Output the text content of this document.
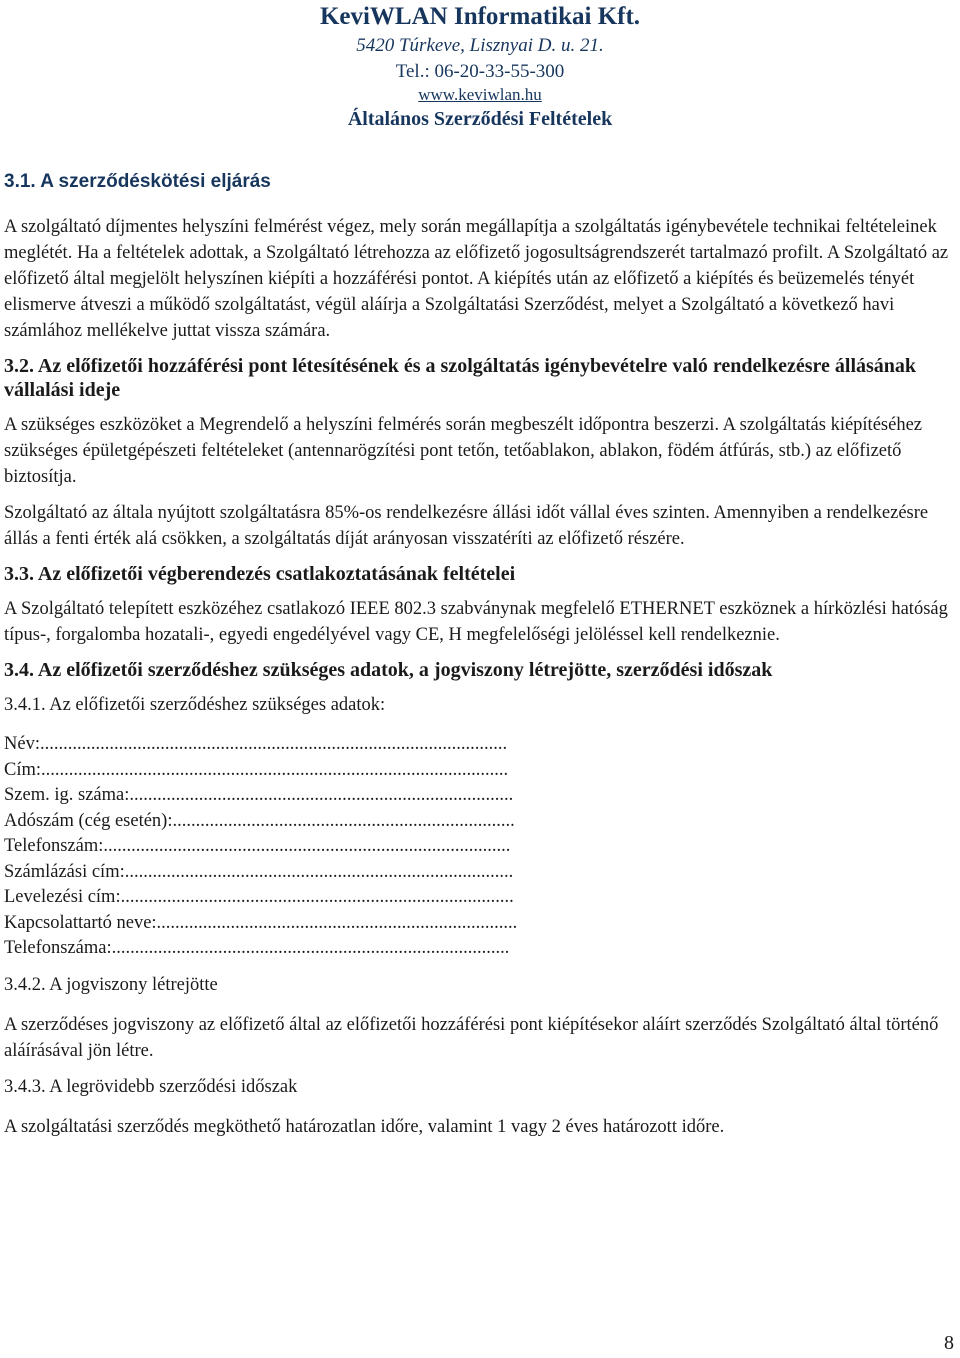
KeviWLAN Informatikai Kft.
5420 Túrkeve, Lisznyai D. u. 21.
Tel.: 06-20-33-55-300
www.keviwlan.hu
Általános Szerződési Feltételek

3.1. A szerződéskötési eljárás

A szolgáltató díjmentes helyszíni felmérést végez, mely során megállapítja a szolgáltatás igénybevétele technikai feltételeinek meglétét. Ha a feltételek adottak, a Szolgáltató létrehozza az előfizető jogosultságrendszerét tartalmazó profilt. A Szolgáltató az előfizető által megjelölt helyszínen kiépíti a hozzáférési pontot. A kiépítés után az előfizető a kiépítés és beüzemelés tényét elismerve átveszi a működő szolgáltatást, végül aláírja a Szolgáltatási Szerződést, melyet a Szolgáltató a következő havi számlához mellékelve juttat vissza számára.

3.2. Az előfizetői hozzáférési pont létesítésének és a szolgáltatás igénybevételre való rendelkezésre állásának vállalási ideje

A szükséges eszközöket a Megrendelő a helyszíni felmérés során megbeszélt időpontra beszerzi. A szolgáltatás kiépítéséhez szükséges épületgépészeti feltételeket (antennarögzítési pont tetőn, tetőablakon, ablakon, födém átfúrás, stb.) az előfizető biztosítja.

Szolgáltató az általa nyújtott szolgáltatásra 85%-os rendelkezésre állási időt vállal éves szinten. Amennyiben a rendelkezésre állás a fenti érték alá csökken, a szolgáltatás díját arányosan visszatéríti az előfizető részére.

3.3. Az előfizetői végberendezés csatlakoztatásának feltételei

A Szolgáltató telepített eszközéhez csatlakozó IEEE 802.3 szabványnak megfelelő ETHERNET eszköznek a hírközlési hatóság típus-, forgalomba hozatali-, egyedi engedélyével vagy CE, H megfelelőségi jelöléssel kell rendelkeznie.

3.4. Az előfizetői szerződéshez szükséges adatok, a jogviszony létrejötte, szerződési időszak

3.4.1. Az előfizetői szerződéshez szükséges adatok:

Név:.....................................................................................................

Cím:.....................................................................................................

Szem. ig. száma:...................................................................................

Adószám (cég esetén):..........................................................................

Telefonszám:........................................................................................

Számlázási cím:....................................................................................

Levelezési cím:.....................................................................................

Kapcsolattartó neve:..............................................................................

Telefonszáma:......................................................................................

3.4.2. A jogviszony létrejötte

A szerződéses jogviszony az előfizető által az előfizetői hozzáférési pont kiépítésekor aláírt szerződés Szolgáltató által történő aláírásával jön létre.

3.4.3. A legrövidebb szerződési időszak

A szolgáltatási szerződés megköthető határozatlan időre, valamint 1 vagy 2 éves határozott időre.

8
